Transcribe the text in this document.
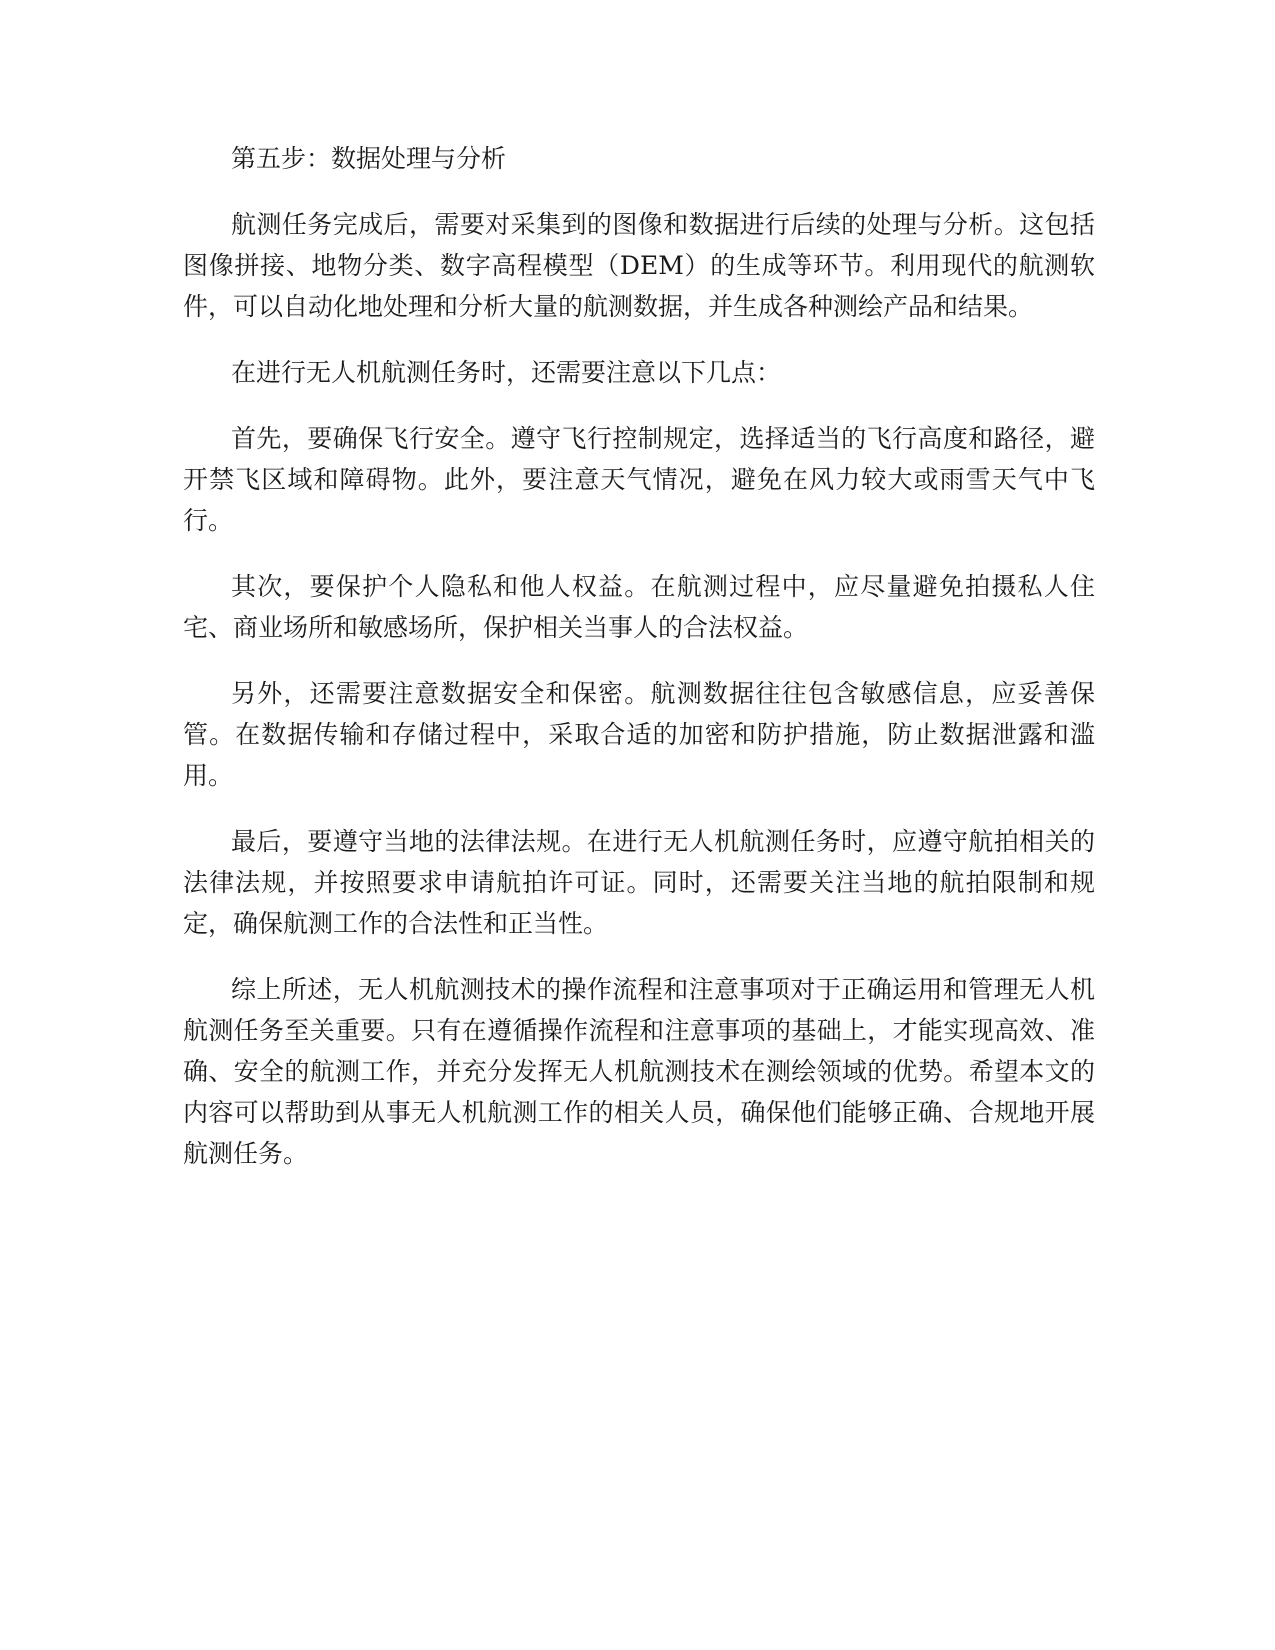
第五步：数据处理与分析

航测任务完成后，需要对采集到的图像和数据进行后续的处理与分析。这包括图像拼接、地物分类、数字高程模型（DEM）的生成等环节。利用现代的航测软件，可以自动化地处理和分析大量的航测数据，并生成各种测绘产品和结果。

在进行无人机航测任务时，还需要注意以下几点：

首先，要确保飞行安全。遵守飞行控制规定，选择适当的飞行高度和路径，避开禁飞区域和障碍物。此外，要注意天气情况，避免在风力较大或雨雪天气中飞行。

其次，要保护个人隐私和他人权益。在航测过程中，应尽量避免拍摄私人住宅、商业场所和敏感场所，保护相关当事人的合法权益。

另外，还需要注意数据安全和保密。航测数据往往包含敏感信息，应妥善保管。在数据传输和存储过程中，采取合适的加密和防护措施，防止数据泄露和滥用。

最后，要遵守当地的法律法规。在进行无人机航测任务时，应遵守航拍相关的法律法规，并按照要求申请航拍许可证。同时，还需要关注当地的航拍限制和规定，确保航测工作的合法性和正当性。

综上所述，无人机航测技术的操作流程和注意事项对于正确运用和管理无人机航测任务至关重要。只有在遵循操作流程和注意事项的基础上，才能实现高效、准确、安全的航测工作，并充分发挥无人机航测技术在测绘领域的优势。希望本文的内容可以帮助到从事无人机航测工作的相关人员，确保他们能够正确、合规地开展航测任务。
